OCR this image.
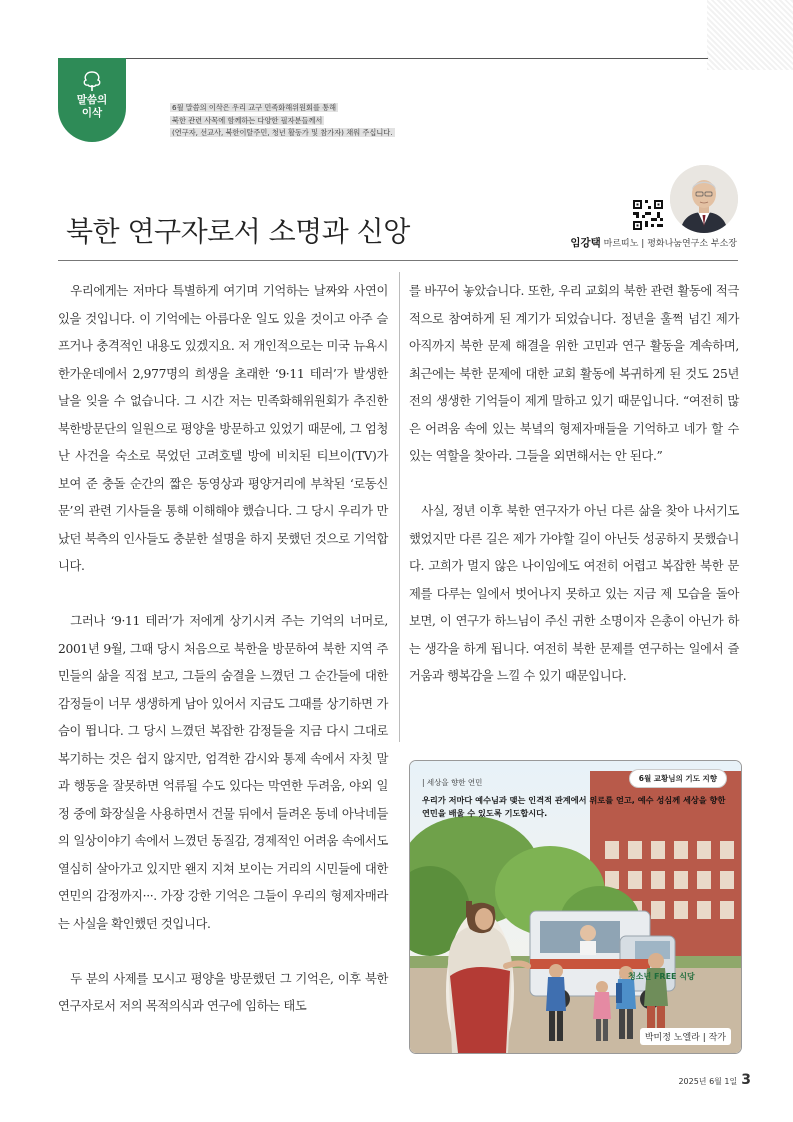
말씀의
이삭	6월 말씀의 이삭은 우리 교구 민족화해위원회를 통해
북한 관련 사목에 함께하는 다양한 필자분들께서
(연구자, 선교사, 북한이탈주민, 청년 활동가 및 참가자) 채워 주십니다.
북한 연구자로서 소명과 신앙	임강택 마르띠노 | 평화나눔연구소 부소장

우리에게는 저마다 특별하게 여기며 기억하는 날짜와 사연이 있을 것입니다. 이 기억에는 아름다운 일도 있을 것이고 아주 슬프거나 충격적인 내용도 있겠지요. 저 개인적으로는 미국 뉴욕시 한가운데에서 2,977명의 희생을 초래한 ‘9·11 테러’가 발생한 날을 잊을 수 없습니다. 그 시간 저는 민족화해위원회가 추진한 북한방문단의 일원으로 평양을 방문하고 있었기 때문에, 그 엄청난 사건을 숙소로 묵었던 고려호텔 방에 비치된 티브이(TV)가 보여 준 충돌 순간의 짧은 동영상과 평양거리에 부착된 ‘로동신문’의 관련 기사들을 통해 이해해야 했습니다. 그 당시 우리가 만났던 북측의 인사들도 충분한 설명을 하지 못했던 것으로 기억합니다.

그러나 ‘9·11 테러’가 저에게 상기시켜 주는 기억의 너머로, 2001년 9월, 그때 당시 처음으로 북한을 방문하여 북한 지역 주민들의 삶을 직접 보고, 그들의 숨결을 느꼈던 그 순간들에 대한 감정들이 너무 생생하게 남아 있어서 지금도 그때를 상기하면 가슴이 뜁니다. 그 당시 느꼈던 복잡한 감정들을 지금 다시 그대로 복기하는 것은 쉽지 않지만, 엄격한 감시와 통제 속에서 자칫 말과 행동을 잘못하면 억류될 수도 있다는 막연한 두려움, 야외 일정 중에 화장실을 사용하면서 건물 뒤에서 들려온 동네 아낙네들의 일상이야기 속에서 느꼈던 동질감, 경제적인 어려움 속에서도 열심히 살아가고 있지만 왠지 지쳐 보이는 거리의 시민들에 대한 연민의 감정까지···. 가장 강한 기억은 그들이 우리의 형제자매라는 사실을 확인했던 것입니다.

두 분의 사제를 모시고 평양을 방문했던 그 기억은, 이후 북한 연구자로서 저의 목적의식과 연구에 임하는 태도

를 바꾸어 놓았습니다. 또한, 우리 교회의 북한 관련 활동에 적극적으로 참여하게 된 계기가 되었습니다. 정년을 훌쩍 넘긴 제가 아직까지 북한 문제 해결을 위한 고민과 연구 활동을 계속하며, 최근에는 북한 문제에 대한 교회 활동에 복귀하게 된 것도 25년 전의 생생한 기억들이 제게 말하고 있기 때문입니다. “여전히 많은 어려움 속에 있는 북녘의 형제자매들을 기억하고 네가 할 수 있는 역할을 찾아라. 그들을 외면해서는 안 된다.”

사실, 정년 이후 북한 연구자가 아닌 다른 삶을 찾아 나서기도 했었지만 다른 길은 제가 가야할 길이 아닌듯 성공하지 못했습니다. 고희가 멀지 않은 나이임에도 여전히 어렵고 복잡한 북한 문제를 다루는 일에서 벗어나지 못하고 있는 지금 제 모습을 돌아보면, 이 연구가 하느님이 주신 귀한 소명이자 은총이 아닌가 하는 생각을 하게 됩니다. 여전히 북한 문제를 연구하는 일에서 즐거움과 행복감을 느낄 수 있기 때문입니다.

6월 교황님의 기도 지향
| 세상을 향한 연민
우리가 저마다 예수님과 맺는 인격적 관계에서 위로를 얻고, 예수 성심께 세상을 향한 연민을 배울 수 있도록 기도합시다.
청소년 FREE 식당
박미정 노엘라 | 작가
2025년 6월 1일 3
